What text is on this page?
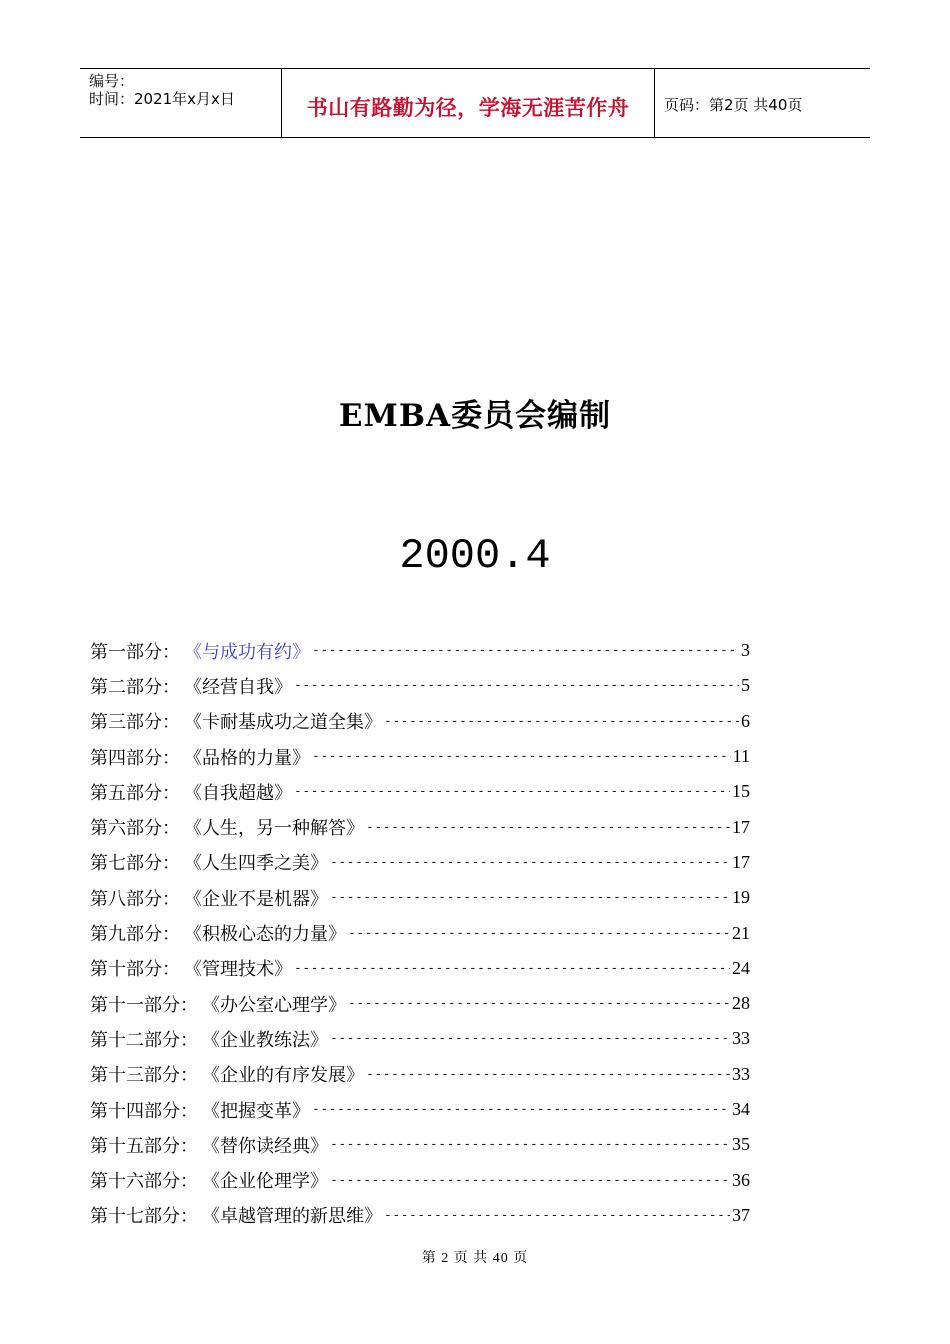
编号：
时间：2021年x月x日	书山有路勤为径，学海无涯苦作舟	页码：第2页 共40页
EMBA委员会编制
2000.4
第一部分： 《与成功有约》 -----	3
第二部分： 《经营自我》 -----	5
第三部分： 《卡耐基成功之道全集》 -----	6
第四部分： 《品格的力量》 -----	11
第五部分： 《自我超越》 -----	15
第六部分： 《人生，另一种解答》 -----	17
第七部分： 《人生四季之美》 -----	17
第八部分： 《企业不是机器》 -----	19
第九部分： 《积极心态的力量》 -----	21
第十部分： 《管理技术》 -----	24
第十一部分： 《办公室心理学》 -----	28
第十二部分： 《企业教练法》 -----	33
第十三部分： 《企业的有序发展》 -----	33
第十四部分： 《把握变革》 -----	34
第十五部分： 《替你读经典》 -----	35
第十六部分： 《企业伦理学》 -----	36
第十七部分： 《卓越管理的新思维》 -----	37
第 2 页 共 40 页
